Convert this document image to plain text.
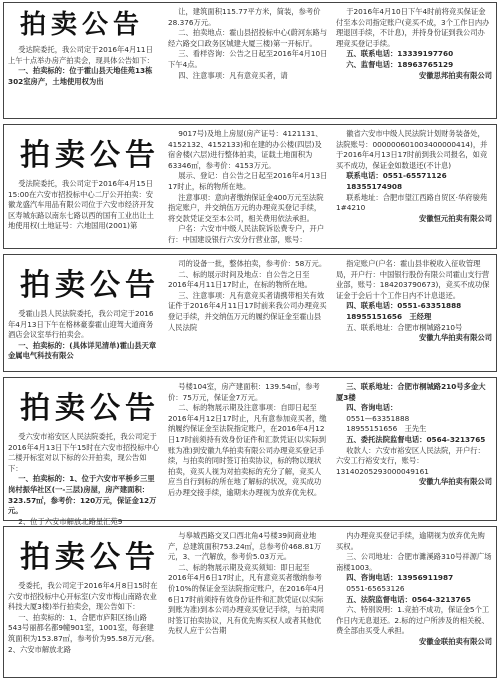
拍卖公告

受达院委托，我公司定于2016年4月11日上午十点举办房产拍卖会，现具体公告如下：

一、拍卖标的：位于霍山县天地佳苑13栋302室房产，土地使用权为出

让，建筑面积115.77平方米，简装，参考价28.376万元。

二、拍卖地点：霍山县招投标中心(蔚河东路与经六路交口政务区城建大厦三楼)第一开标厅。

三、看样咨询：公告之日起至2016年4月10日下午4点。

四、注意事项：凡有意竞买者，请

于2016年4月10日下午4时前将竞买保证金付至本公司指定账户(竞买不成，3个工作日内办理退回手续，不计息)，并持身份证到我公司办理竞买登记手续。

五、联系电话：13339197760

六、监督电话：18963765129

安徽思邦拍卖有限公司

拍卖公告

受法院委托，我公司定于2016年4月15日15:00在六安市招投标中心二厅公开拍卖：安徽龙盛汽车用品有限公司位于六安市经济开发区寿城东路以南东七路以西的国有工业出让土地使用权(土地证号：六地国用(2001)第

9017号)及地上房屋(房产证号：4121131、4152132、4152133)和在建的办公楼(四层)及宿舍楼(六层)进行整体拍卖，证载土地面积为63346㎡，参考价：4153万元。

展示、登记：自公告之日起至2016年4月13日17时止，标的物所在地。

注意事项：意向者缴纳保证金400万元至法院指定账户，并交纳伍万元的办理竞买登记手续，将交款凭证交至本公司，相关费用依法承担。

户名：六安市中级人民法院诉讼费专户，开户行：中国建设银行六安分行营业部，账号：

徽省六安市中级人民法院计划财务装备处，法院账号：000000601003400000414)，并于2016年4月13日17时前到我公司报名，如竞买不成功，保证金如数退还(不计息)

联系电话：0551-65571126

18355174908

联系地址：合肥市望江西路自贸区·华府骏苑1#4210

安徽恒元拍卖有限公司

拍卖公告

受霍山县人民法院委托，我公司定于2016年4月13日下午在格林豪泰霍山迎驾大道商务酒店会议室举行拍卖会。

一、拍卖标的：(具体详见清单)霍山县天章金属电气科技有限公

司的设备一批，整体拍卖，参考价：58万元。

二、标的展示时间及地点：自公告之日至2016年4月11日17时止，在标的物所在地。

三、注意事项：凡有意竞买者请携带相关有效证件于2016年4月11日17时前来我公司办理竞买登记手续，并交纳伍万元的履约保证金至霍山县人民法院

指定账户(户名：霍山县非税收入征收管理局，开户行：中国银行股份有限公司霍山支行营业部，账号：184203790673)，竞买不成功保证金于会后十个工作日内不计息退还。

四、联系电话：0551-63351888

18955151656　王经理

五、联系地址：合肥市桐城路210号

安徽九华拍卖有限公司

拍卖公告

受六安市裕安区人民法院委托，我公司定于2016年4月13日下午15时在六安市招投标中心二楼开标室对以下标的公开拍卖，现公告如下：

一、拍卖标的：1、位于六安市平桥乡三里岗村振华社区(一-三层)房屋，房产建面积：323.57㎡，参考价：120万元，保证金12万元。

2、位于六安市解放北路星汇苑9

号楼104室，房产建面积：139.54㎡，参考价：75万元，保证金7万元。

二、标的物展示期及注意事项：自即日起至2016年4月12日17时止，凡有意参加竞买者，缴纳履约保证金至法院指定账户，在2016年4月12日17时前须持有效身份证件和汇款凭证(以实际到账为准)到安徽九华拍卖有限公司办理竞买登记手续，与拍卖的同时签订拍卖协议，标的物以现状拍卖，竞买人视为对拍卖标的充分了解，竞买人应当自行到标的所在地了解标的状况，竞买成功后办理交接手续，逾期未办理视为放弃优先权。

三、联系地址：合肥市桐城路210号多金大厦3楼

四、咨询电话：

0551—63351888

18955151656　王先生

五、委托法院监督电话：0564-3213765

收款人：六安市裕安区人民法院，开户行：六安工行裕安支行，账号：13140205293000049161

安徽九华拍卖有限公司

拍卖公告

受委托，我公司定于2016年4月8日15时在六安市招投标中心开标室(六安市梅山南路农业科技大厦3楼)举行拍卖会，现公告如下：

一、拍卖标的：1、合肥市庐阳区扬山路543号丽都名都9幢901室，1001室，每套建筑面积为153.87㎡，参考价为95.58万元/套。2、六安市解放北路

与皋城西路交叉口西北角4号楼39间商业地产，总建筑面积753.24㎡，总参考价468.81万元，3、一汽解放，参考价5.03万元。

二、标的物展示期及竞买须知：即日起至2016年4月6日17时止，凡有意竞买者缴纳参考价10%的保证金至法院指定账户，在2016年4月6日17时前须持有效身份证件和汇款凭证(以实际到账为准)到本公司办理竞买登记手续，与拍卖同时签订拍卖协议，凡有优先购买权人或者其他优先权人应于公告期

内办理竞买登记手续，逾期视为放弃优先购买权。

三、公司地址：合肥市濉溪路310号祥源广场南楼1003。

四、咨询电话：13956911987

0551-65653126

五、法院监督电话：0564-3213765

六、特别说明：1.竞拍不成功，保证金5个工作日内无息退还。2.标的过户所涉及的相关税、费全部由买受人承担。

安徽金联拍卖有限公司
